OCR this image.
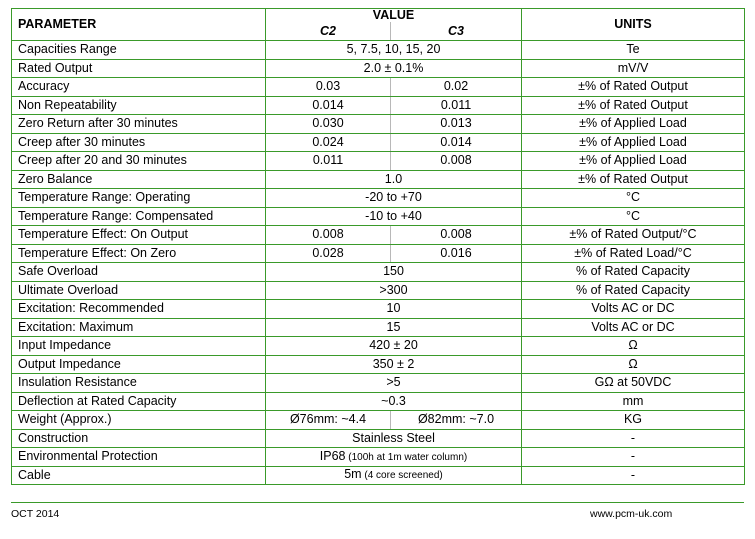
PARAMETER	VALUE		UNITS
	C2	C3	
Capacities Range	5, 7.5, 10, 15, 20		Te
Rated Output	2.0 ± 0.1%		mV/V
Accuracy	0.03	0.02	±% of Rated Output
Non Repeatability	0.014	0.011	±% of Rated Output
Zero Return after 30 minutes	0.030	0.013	±% of Applied Load
Creep after 30 minutes	0.024	0.014	±% of Applied Load
Creep after 20 and 30 minutes	0.011	0.008	±% of Applied Load
Zero Balance	1.0		±% of Rated Output
Temperature Range: Operating	-20 to +70		°C
Temperature Range: Compensated	-10 to +40		°C
Temperature Effect: On Output	0.008	0.008	±% of Rated Output/°C
Temperature Effect: On Zero	0.028	0.016	±% of Rated Load/°C
Safe Overload	150		% of Rated Capacity
Ultimate Overload	>300		% of Rated Capacity
Excitation: Recommended	10		Volts AC or DC
Excitation: Maximum	15		Volts AC or DC
Input Impedance	420 ± 20		Ω
Output Impedance	350 ± 2		Ω
Insulation Resistance	>5		GΩ at 50VDC
Deflection at Rated Capacity	~0.3		mm
Weight (Approx.)	Ø76mm: ~4.4	Ø82mm: ~7.0	KG
Construction	Stainless Steel		-
Environmental Protection	IP68 (100h at 1m water column)		-
Cable	5m (4 core screened)		-
OCT 2014	www.pcm-uk.com
